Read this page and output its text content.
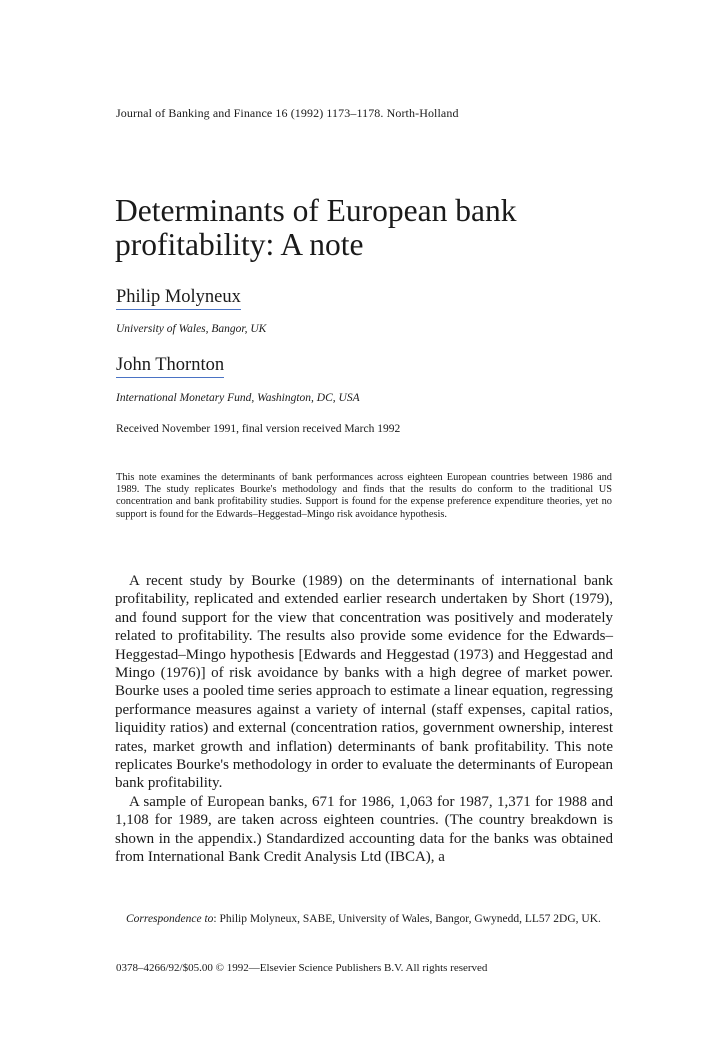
Journal of Banking and Finance 16 (1992) 1173–1178. North-Holland
Determinants of European bank profitability: A note
Philip Molyneux
University of Wales, Bangor, UK
John Thornton
International Monetary Fund, Washington, DC, USA
Received November 1991, final version received March 1992

This note examines the determinants of bank performances across eighteen European countries between 1986 and 1989. The study replicates Bourke's methodology and finds that the results do conform to the traditional US concentration and bank profitability studies. Support is found for the expense preference expenditure theories, yet no support is found for the Edwards–Heggestad–Mingo risk avoidance hypothesis.

A recent study by Bourke (1989) on the determinants of international bank profitability, replicated and extended earlier research undertaken by Short (1979), and found support for the view that concentration was positively and moderately related to profitability. The results also provide some evidence for the Edwards–Heggestad–Mingo hypothesis [Edwards and Heggestad (1973) and Heggestad and Mingo (1976)] of risk avoidance by banks with a high degree of market power. Bourke uses a pooled time series approach to estimate a linear equation, regressing performance measures against a variety of internal (staff expenses, capital ratios, liquidity ratios) and external (concentration ratios, government ownership, interest rates, market growth and inflation) determinants of bank profitability. This note replicates Bourke's methodology in order to evaluate the determinants of European bank profitability.

A sample of European banks, 671 for 1986, 1,063 for 1987, 1,371 for 1988 and 1,108 for 1989, are taken across eighteen countries. (The country breakdown is shown in the appendix.) Standardized accounting data for the banks was obtained from International Bank Credit Analysis Ltd (IBCA), a

Correspondence to: Philip Molyneux, SABE, University of Wales, Bangor, Gwynedd, LL57 2DG, UK.

0378–4266/92/$05.00 © 1992—Elsevier Science Publishers B.V. All rights reserved
